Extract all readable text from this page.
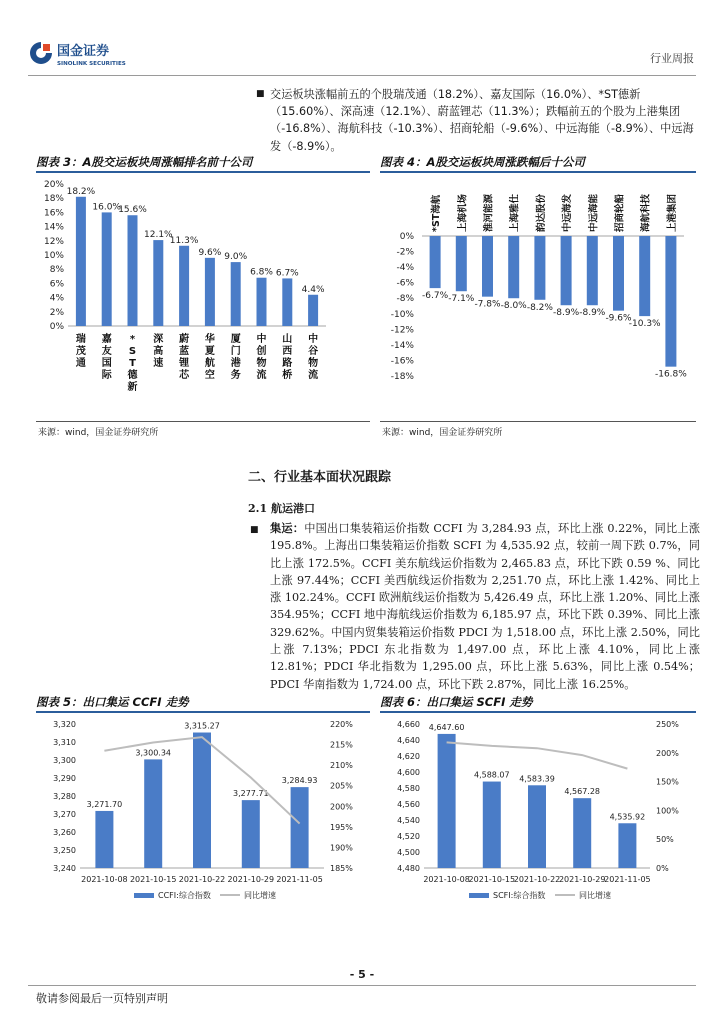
国金证券
SINOLINK SECURITIES	行业周报
■ 交运板块涨幅前五的个股瑞茂通（18.2%）、嘉友国际（16.0%）、*ST德新（15.60%）、深高速（12.1%）、蔚蓝锂芯（11.3%）；跌幅前五的个股为上港集团（-16.8%）、海航科技（-10.3%）、招商轮船（-9.6%）、中远海能（-8.9%）、中远海发（-8.9%）。
图表 3：A股交运板块周涨幅排名前十公司
20%
18%
16%
14%
12%
10%
8%
6%
4%
2%
0%
18.2%
瑞
茂
通
16.0%
嘉
友
国
际
15.6%
*
S
T
德
新
12.1%
深
高
速
11.3%
蔚
蓝
锂
芯
9.6%
华
夏
航
空
9.0%
厦
门
港
务
6.8%
中
创
物
流
6.7%
山
西
路
桥
4.4%
中
谷
物
流
来源：wind，国金证券研究所
图表 4：A股交运板块周涨跌幅后十公司
0%
-2%
-4%
-6%
-8%
-10%
-12%
-14%
-16%
-18%
-6.7%
*ST海航
-7.1%
上海机场
-7.8%
淮河能源
-8.0%
上海雅仕
-8.2%
韵达股份
-8.9%
中远海发
-8.9%
中远海能
-9.6%
招商轮船
-10.3%
海航科技
-16.8%
上港集团
来源：wind，国金证券研究所
二、行业基本面状况跟踪
2.1 航运港口
■ 集运：中国出口集装箱运价指数 CCFI 为 3,284.93 点，环比上涨 0.22%，同比上涨 195.8%。上海出口集装箱运价指数 SCFI 为 4,535.92 点，较前一周下跌 0.7%，同比上涨 172.5%。CCFI 美东航线运价指数为 2,465.83 点，环比下跌 0.59 %、同比上涨 97.44%；CCFI 美西航线运价指数为 2,251.70 点，环比上涨 1.42%、同比上涨 102.24%。CCFI 欧洲航线运价指数为 5,426.49 点，环比上涨 1.20%、同比上涨 354.95%；CCFI 地中海航线运价指数为 6,185.97 点，环比下跌 0.39%、同比上涨 329.62%。中国内贸集装箱运价指数 PDCI 为 1,518.00 点，环比上涨 2.50%，同比上涨 7.13%；PDCI 东北指数为 1,497.00 点，环比上涨 4.10%，同比上涨 12.81%；PDCI 华北指数为 1,295.00 点，环比上涨 5.63%，同比上涨 0.54%；PDCI 华南指数为 1,724.00 点，环比下跌 2.87%，同比上涨 16.25%。
图表 5：出口集运 CCFI 走势
3,320
3,310
3,300
3,290
3,280
3,270
3,260
3,250
3,240
220%
215%
210%
205%
200%
195%
190%
185%
3,271.70
2021-10-08
3,300.34
2021-10-15
3,315.27
2021-10-22
3,277.71
2021-10-29
3,284.93
2021-11-05
CCFI:综合指数	同比增速
图表 6：出口集运 SCFI 走势
4,660
4,640
4,620
4,600
4,580
4,560
4,540
4,520
4,500
4,480
250%
200%
150%
100%
50%
0%
4,647.60
2021-10-08
4,588.07
2021-10-15
4,583.39
2021-10-22
4,567.28
2021-10-29
4,535.92
2021-11-05
SCFI:综合指数	同比增速
- 5 -
敬请参阅最后一页特别声明
